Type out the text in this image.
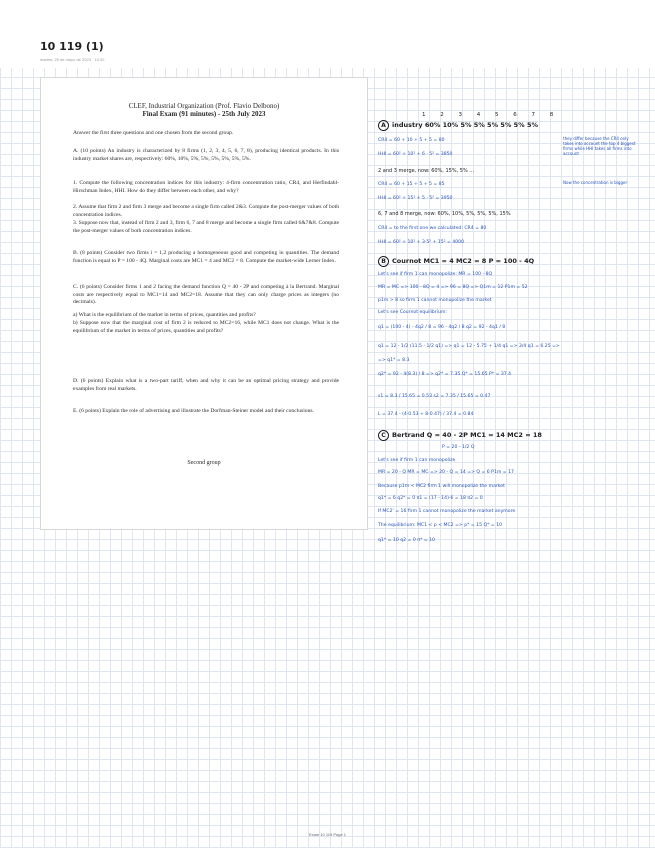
10 119 (1)
martes, 25 de mayo de 2023 · 10:32
CLEF, Industrial Organization (Prof. Flavio Delbono)
Final Exam (91 minutes) - 25th July 2023
Answer the first three questions and one chosen from the second group.
A. (10 points) An industry is characterized by 8 firms (1, 2, 3, 4, 5, 6, 7, 8), producing identical products. In this industry market shares are, respectively: 60%, 10%, 5%, 5%, 5%, 5%, 5%, 5%.
1. Compute the following concentration indices for this industry: 4-firm concentration ratio, CR4, and Herfindahl-Hirschman Index, HHI. How do they differ between each other, and why?
2. Assume that firm 2 and firm 3 merge and become a single firm called 2&3. Compute the post-merger values of both concentration indices.
3. Suppose now that, instead of firm 2 and 3, firm 6, 7 and 8 merge and become a single firm called 6&7&8. Compute the post-merger values of both concentration indices.
B. (8 points) Consider two firms i = 1,2 producing a homogeneous good and competing in quantities. The demand function is equal to P = 100 - 4Q. Marginal costs are MC1 = 4 and MC2 = 8. Compute the market-wide Lerner Index.
C. (6 points) Consider firms 1 and 2 facing the demand function Q = 40 - 2P and competing à la Bertrand. Marginal costs are respectively equal to MC1=14 and MC2=18. Assume that they can only charge prices as integers (no decimals).
a) What is the equilibrium of the market in terms of prices, quantities and profits?
b) Suppose now that the marginal cost of firm 2 is reduced to MC2=16, while MC1 does not change. What is the equilibrium of the market in terms of prices, quantities and profits?
Second group
D. (6 points) Explain what is a two-part tariff, when and why it can be an optimal pricing strategy and provide examples from real markets.
E. (6 points) Explain the role of advertising and illustrate the Dorfman-Steiner model and their conclusions.
1 2 3 4 5 6 7 8
A industry 60% 10% 5% 5% 5% 5% 5% 5%
CR4 = 60 + 10 + 5 + 5 = 80
HHI = 60² + 10² + 6 · 5² = 3850
they differ because the CR4 only takes into account the top 4 biggest firms while HHI takes all firms into account
2 and 3 merge, now: 60%, 15%, 5% ...
CR4 = 60 + 15 + 5 + 5 = 85
HHI = 60² + 15² + 5 · 5² = 3950
Now the concentration is bigger
6, 7 and 8 merge, now: 60%, 10%, 5%, 5%, 5%, 15%
CR4 = to the first one we calculated: CR4 = 80
HHI = 60² + 10² + 3·5² + 15² = 4000
B Cournot MC1 = 4 MC2 = 8 P = 100 - 4Q
Let's see if firm 1 can monopolize: MR = 100 - 8Q
MR = MC => 100 - 8Q = 4 => 96 = 8Q => Q1m = 12 P1m = 52
p1m > 8 so firm 1 cannot monopolize the market
Let's see Cournot equilibrium:
q1 = (100 - 4) - 4q2 / 8 = 96 - 4q2 / 8 q2 = 92 - 4q1 / 8
q1 = 12 - 1/2 (11.5 - 1/2 q1) => q1 = 12 - 5.75 + 1/4 q1 => 3/4 q1 = 6.25 =>
=> q1* = 8.3
q2* = 92 - 4(8.3) / 8 => q2* = 7.35 Q* = 15.65 P* = 37.4
s1 = 8.3 / 15.65 = 0.53 s2 = 7.35 / 15.65 = 0.47
L = 37.4 - (4·0.53 + 8·0.47) / 37.4 = 0.84
C Bertrand Q = 40 - 2P MC1 = 14 MC2 = 18
P = 20 - 1/2 Q
Let's see if firm 1 can monopolize
MR = 20 - Q MR = MC => 20 - Q = 14 => Q = 6 P1m = 17
Because p1m < MC2 firm 1 will monopolize the market
q1* = 6 q2* = 0 π1 = (17 - 14)·6 = 18 π2 = 0
If MC2' = 16 firm 1 cannot monopolize the market anymore
The equilibrium: MC1 < p < MC2 => p* = 15 Q* = 10
q1* = 10 q2 = 0 π* = 10
Exam 10 119 Page 1
